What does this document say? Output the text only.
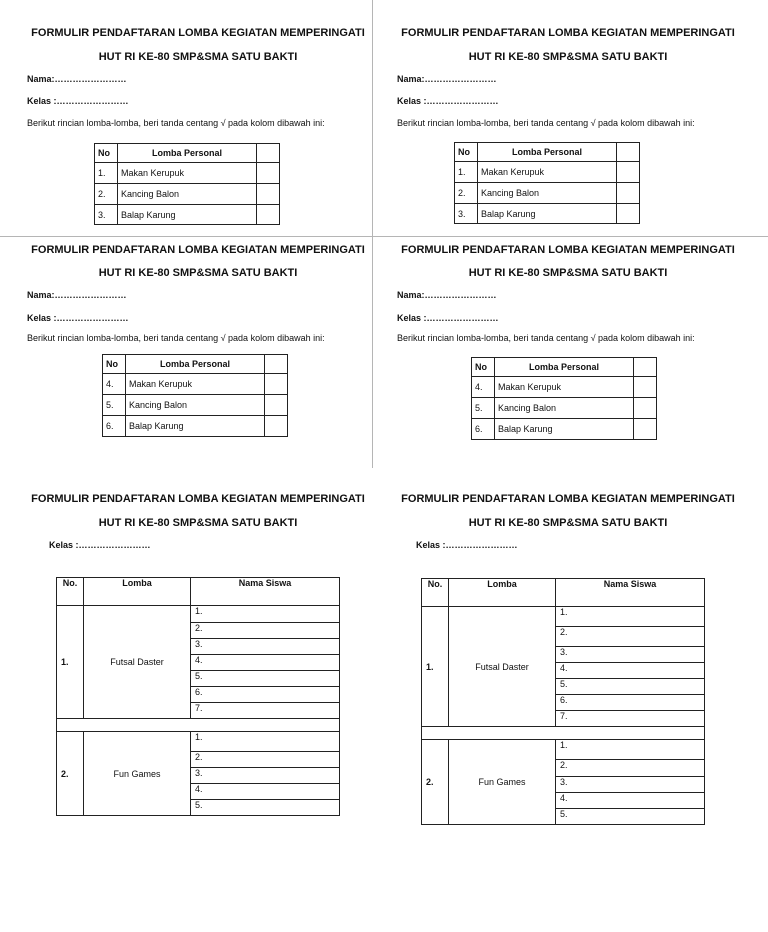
FORMULIR PENDAFTARAN LOMBA KEGIATAN MEMPERINGATI
HUT RI KE-80 SMP&SMA SATU BAKTI
Nama:……………………
Kelas :……………………
Berikut rincian lomba-lomba, beri tanda centang √ pada kolom dibawah ini:
No	Lomba Personal	
1.	Makan Kerupuk	
2.	Kancing Balon	
3.	Balap Karung	
FORMULIR PENDAFTARAN LOMBA KEGIATAN MEMPERINGATI
HUT RI KE-80 SMP&SMA SATU BAKTI
Nama:……………………
Kelas :……………………
Berikut rincian lomba-lomba, beri tanda centang √ pada kolom dibawah ini:
No	Lomba Personal	
1.	Makan Kerupuk	
2.	Kancing Balon	
3.	Balap Karung	
FORMULIR PENDAFTARAN LOMBA KEGIATAN MEMPERINGATI
HUT RI KE-80 SMP&SMA SATU BAKTI
Nama:……………………
Kelas :……………………
Berikut rincian lomba-lomba, beri tanda centang √ pada kolom dibawah ini:
No	Lomba Personal	
4.	Makan Kerupuk	
5.	Kancing Balon	
6.	Balap Karung	
FORMULIR PENDAFTARAN LOMBA KEGIATAN MEMPERINGATI
HUT RI KE-80 SMP&SMA SATU BAKTI
Nama:……………………
Kelas :……………………
Berikut rincian lomba-lomba, beri tanda centang √ pada kolom dibawah ini:
No	Lomba Personal	
4.	Makan Kerupuk	
5.	Kancing Balon	
6.	Balap Karung	
FORMULIR PENDAFTARAN LOMBA KEGIATAN MEMPERINGATI
HUT RI KE-80 SMP&SMA SATU BAKTI
Kelas :……………………
No.	Lomba	Nama Siswa
1.	Futsal Daster	1.
		2.
		3.
		4.
		5.
		6.
		7.

2.	Fun Games	1.
		2.
		3.
		4.
		5.
FORMULIR PENDAFTARAN LOMBA KEGIATAN MEMPERINGATI
HUT RI KE-80 SMP&SMA SATU BAKTI
Kelas :……………………
No.	Lomba	Nama Siswa
1.	Futsal Daster	1.
		2.
		3.
		4.
		5.
		6.
		7.

2.	Fun Games	1.
		2.
		3.
		4.
		5.
